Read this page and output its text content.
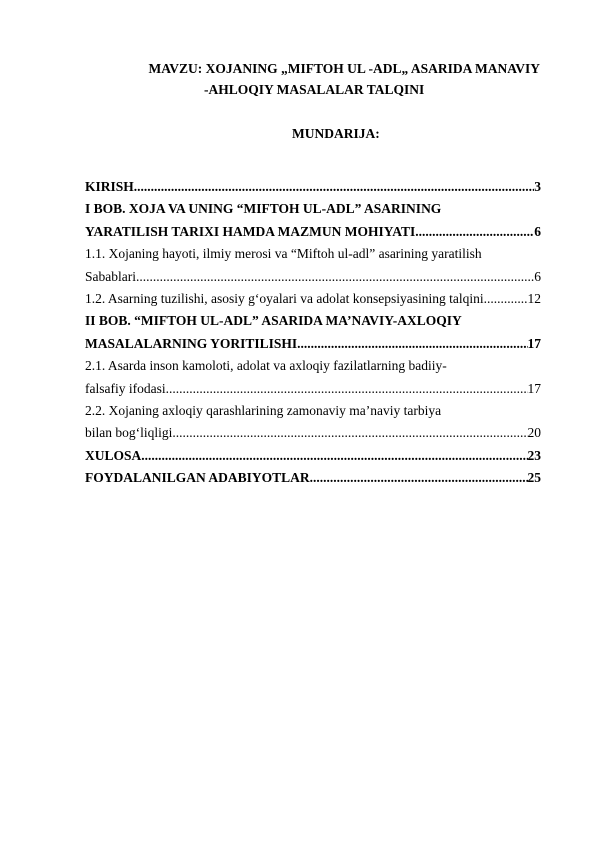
MAVZU: XOJANING „MIFTOH UL -ADL„ ASARIDA MANAVIY
-AHLOQIY MASALALAR TALQINI
MUNDARIJA:
KIRISH .....	3
I BOB. XOJA VA UNING “MIFTOH UL-ADL” ASARINING
YARATILISH TARIXI HAMDA MAZMUN MOHIYATI .....	6
1.1. Xojaning hayoti, ilmiy merosi va “Miftoh ul-adl” asarining yaratilish
Sabablari .....	6
1.2. Asarning tuzilishi, asosiy g‘oyalari va adolat konsepsiyasining talqini .....	12
II BOB. “MIFTOH UL-ADL” ASARIDA MA’NAVIY-AXLOQIY
MASALALARNING YORITILISHI .....	17
2.1. Asarda inson kamoloti, adolat va axloqiy fazilatlarning badiiy-
falsafiy ifodasi .....	17
2.2. Xojaning axloqiy qarashlarining zamonaviy ma’naviy tarbiya
bilan bog‘liqligi .....	20
XULOSA .....	23
FOYDALANILGAN ADABIYOTLAR .....	25
